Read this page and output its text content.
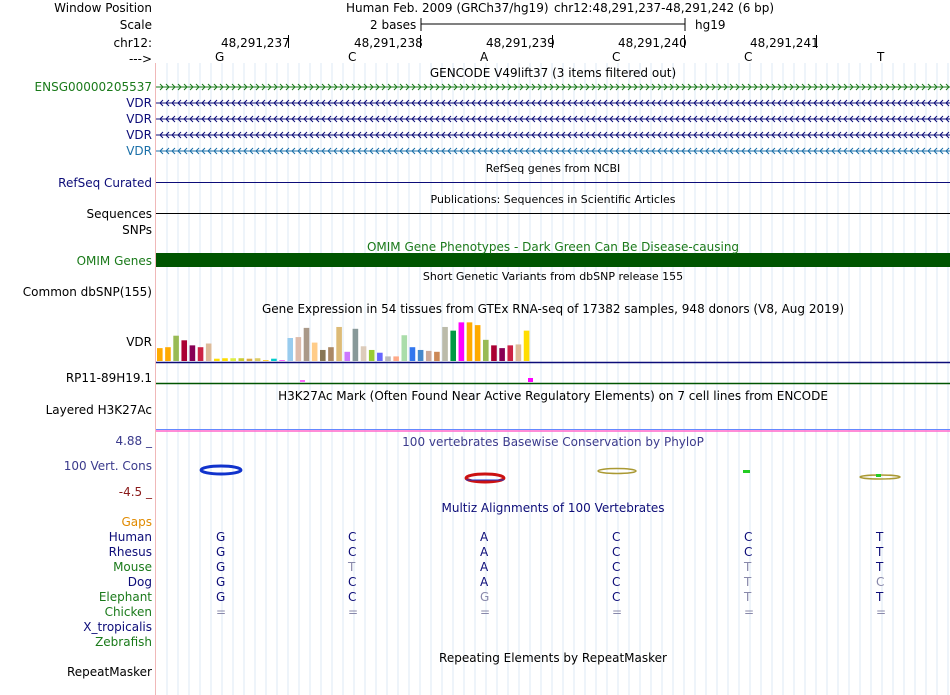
Window Position	Human Feb. 2009 (GRCh37/hg19) chr12:48,291,237-48,291,242 (6 bp)
Scale	2 bases	hg19
chr12:	48,291,237	48,291,238	48,291,239	48,291,240	48,291,241
--->	G	C	A	C	C	T
GENCODE V49lift37 (3 items filtered out)
ENSG00000205537
VDR
VDR
VDR
VDR
RefSeq genes from NCBI
RefSeq Curated
Publications: Sequences in Scientific Articles
Sequences
SNPs
OMIM Gene Phenotypes - Dark Green Can Be Disease-causing
OMIM Genes
Short Genetic Variants from dbSNP release 155
Common dbSNP(155)
Gene Expression in 54 tissues from GTEx RNA-seq of 17382 samples, 948 donors (V8, Aug 2019)
VDR
RP11-89H19.1
H3K27Ac Mark (Often Found Near Active Regulatory Elements) on 7 cell lines from ENCODE
Layered H3K27Ac
4.88 _	100 vertebrates Basewise Conservation by PhyloP
100 Vert. Cons
-4.5 _
Multiz Alignments of 100 Vertebrates
Gaps
Human	G	C	A	C	C	T
Rhesus	G	C	A	C	C	T
Mouse	G	T	A	C	T	T
Dog	G	C	A	C	T	C
Elephant	G	C	G	C	T	T
Chicken	=	=	=	=	=	=
X_tropicalis
Zebrafish
Repeating Elements by RepeatMasker
RepeatMasker
